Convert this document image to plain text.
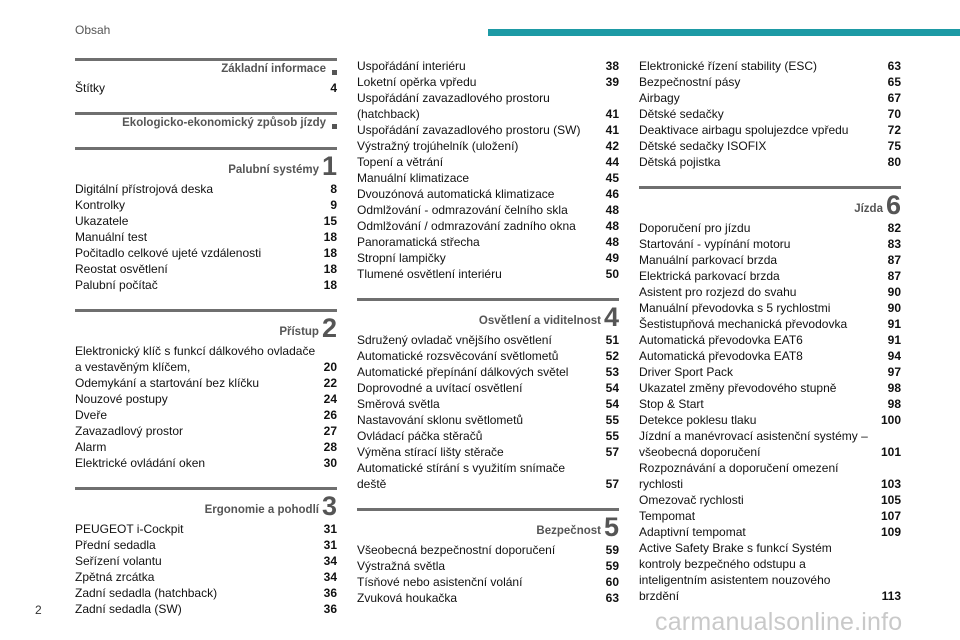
Obsah
Základní informace
Štítky	4
Ekologicko-ekonomický způsob jízdy
Palubní systémy 1
Digitální přístrojová deska	8
Kontrolky	9
Ukazatele	15
Manuální test	18
Počitadlo celkové ujeté vzdálenosti	18
Reostat osvětlení	18
Palubní počítač	18
Přístup 2
Elektronický klíč s funkcí dálkového ovladače a vestavěným klíčem,	20
Odemykání a startování bez klíčku	22
Nouzové postupy	24
Dveře	26
Zavazadlový prostor	27
Alarm	28
Elektrické ovládání oken	30
Ergonomie a pohodlí 3
PEUGEOT i-Cockpit	31
Přední sedadla	31
Seřízení volantu	34
Zpětná zrcátka	34
Zadní sedadla (hatchback)	36
Zadní sedadla (SW)	36
Uspořádání interiéru	38
Loketní opěrka vpředu	39
Uspořádání zavazadlového prostoru (hatchback)	41
Uspořádání zavazadlového prostoru (SW)	41
Výstražný trojúhelník (uložení)	42
Topení a větrání	44
Manuální klimatizace	45
Dvouzónová automatická klimatizace	46
Odmlžování - odmrazování čelního skla	48
Odmlžování / odmrazování zadního okna	48
Panoramatická střecha	48
Stropní lampičky	49
Tlumené osvětlení interiéru	50
Osvětlení a viditelnost 4
Sdružený ovladač vnějšího osvětlení	51
Automatické rozsvěcování světlometů	52
Automatické přepínání dálkových světel	53
Doprovodné a uvítací osvětlení	54
Směrová světla	54
Nastavování sklonu světlometů	55
Ovládací páčka stěračů	55
Výměna stírací lišty stěrače	57
Automatické stírání s využitím snímače deště	57
Bezpečnost 5
Všeobecná bezpečnostní doporučení	59
Výstražná světla	59
Tísňové nebo asistenční volání	60
Zvuková houkačka	63
Elektronické řízení stability (ESC)	63
Bezpečnostní pásy	65
Airbagy	67
Dětské sedačky	70
Deaktivace airbagu spolujezdce vpředu	72
Dětské sedačky ISOFIX	75
Dětská pojistka	80
Jízda 6
Doporučení pro jízdu	82
Startování - vypínání motoru	83
Manuální parkovací brzda	87
Elektrická parkovací brzda	87
Asistent pro rozjezd do svahu	90
Manuální převodovka s 5 rychlostmi	90
Šestistupňová mechanická převodovka	91
Automatická převodovka EAT6	91
Automatická převodovka EAT8	94
Driver Sport Pack	97
Ukazatel změny převodového stupně	98
Stop & Start	98
Detekce poklesu tlaku	100
Jízdní a manévrovací asistenční systémy – všeobecná doporučení	101
Rozpoznávání a doporučení omezení rychlosti	103
Omezovač rychlosti	105
Tempomat	107
Adaptivní tempomat	109
Active Safety Brake s funkcí Systém kontroly bezpečného odstupu a inteligentním asistentem nouzového brzdění	113
2	carmanualsonline.info
